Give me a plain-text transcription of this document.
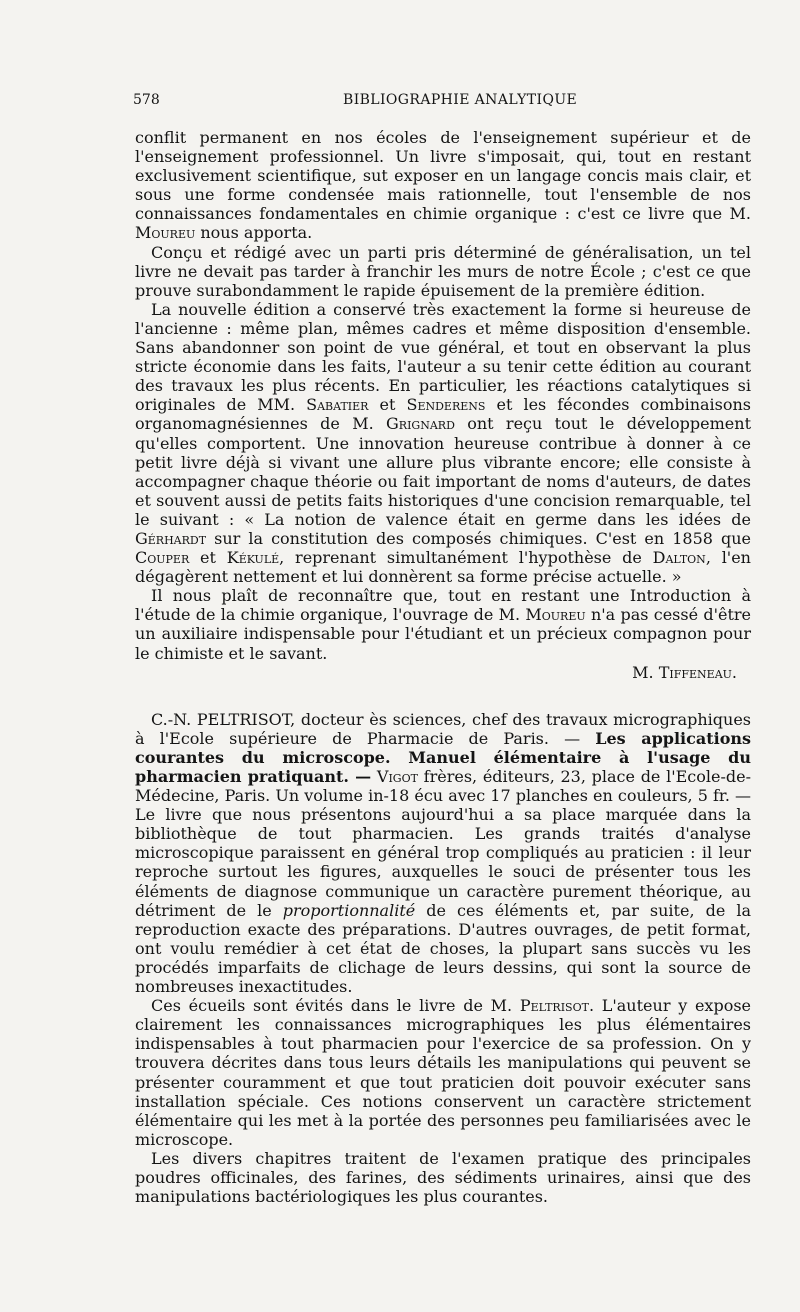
578	BIBLIOGRAPHIE ANALYTIQUE

conflit permanent en nos écoles de l'enseignement supérieur et de l'enseignement professionnel. Un livre s'imposait, qui, tout en restant exclusivement scientifique, sut exposer en un langage concis mais clair, et sous une forme condensée mais rationnelle, tout l'ensemble de nos connaissances fondamentales en chimie organique : c'est ce livre que M. Moureu nous apporta.

Conçu et rédigé avec un parti pris déterminé de généralisation, un tel livre ne devait pas tarder à franchir les murs de notre École ; c'est ce que prouve surabondamment le rapide épuisement de la première édition.

La nouvelle édition a conservé très exactement la forme si heureuse de l'ancienne : même plan, mêmes cadres et même disposition d'ensemble. Sans abandonner son point de vue général, et tout en observant la plus stricte économie dans les faits, l'auteur a su tenir cette édition au courant des travaux les plus récents. En particulier, les réactions catalytiques si originales de MM. Sabatier et Senderens et les fécondes combinaisons organomagnésiennes de M. Grignard ont reçu tout le développement qu'elles comportent. Une innovation heureuse contribue à donner à ce petit livre déjà si vivant une allure plus vibrante encore; elle consiste à accompagner chaque théorie ou fait important de noms d'auteurs, de dates et souvent aussi de petits faits historiques d'une concision remarquable, tel le suivant : « La notion de valence était en germe dans les idées de Gérhardt sur la constitution des composés chimiques. C'est en 1858 que Couper et Kékulé, reprenant simultanément l'hypothèse de Dalton, l'en dégagèrent nettement et lui donnèrent sa forme précise actuelle. »

Il nous plaît de reconnaître que, tout en restant une Introduction à l'étude de la chimie organique, l'ouvrage de M. Moureu n'a pas cessé d'être un auxiliaire indispensable pour l'étudiant et un précieux compagnon pour le chimiste et le savant.

M. Tiffeneau.

C.-N. PELTRISOT, docteur ès sciences, chef des travaux micrographiques à l'Ecole supérieure de Pharmacie de Paris. — Les applications courantes du microscope. Manuel élémentaire à l'usage du pharmacien pratiquant. — Vigot frères, éditeurs, 23, place de l'Ecole-de-Médecine, Paris. Un volume in-18 écu avec 17 planches en couleurs, 5 fr. — Le livre que nous présentons aujourd'hui a sa place marquée dans la bibliothèque de tout pharmacien. Les grands traités d'analyse microscopique paraissent en général trop compliqués au praticien : il leur reproche surtout les figures, auxquelles le souci de présenter tous les éléments de diagnose communique un caractère purement théorique, au détriment de le proportionnalité de ces éléments et, par suite, de la reproduction exacte des préparations. D'autres ouvrages, de petit format, ont voulu remédier à cet état de choses, la plupart sans succès vu les procédés imparfaits de clichage de leurs dessins, qui sont la source de nombreuses inexactitudes.

Ces écueils sont évités dans le livre de M. Peltrisot. L'auteur y expose clairement les connaissances micrographiques les plus élémentaires indispensables à tout pharmacien pour l'exercice de sa profession. On y trouvera décrites dans tous leurs détails les manipulations qui peuvent se présenter couramment et que tout praticien doit pouvoir exécuter sans installation spéciale. Ces notions conservent un caractère strictement élémentaire qui les met à la portée des personnes peu familiarisées avec le microscope.

Les divers chapitres traitent de l'examen pratique des principales poudres officinales, des farines, des sédiments urinaires, ainsi que des manipulations bactériologiques les plus courantes.
